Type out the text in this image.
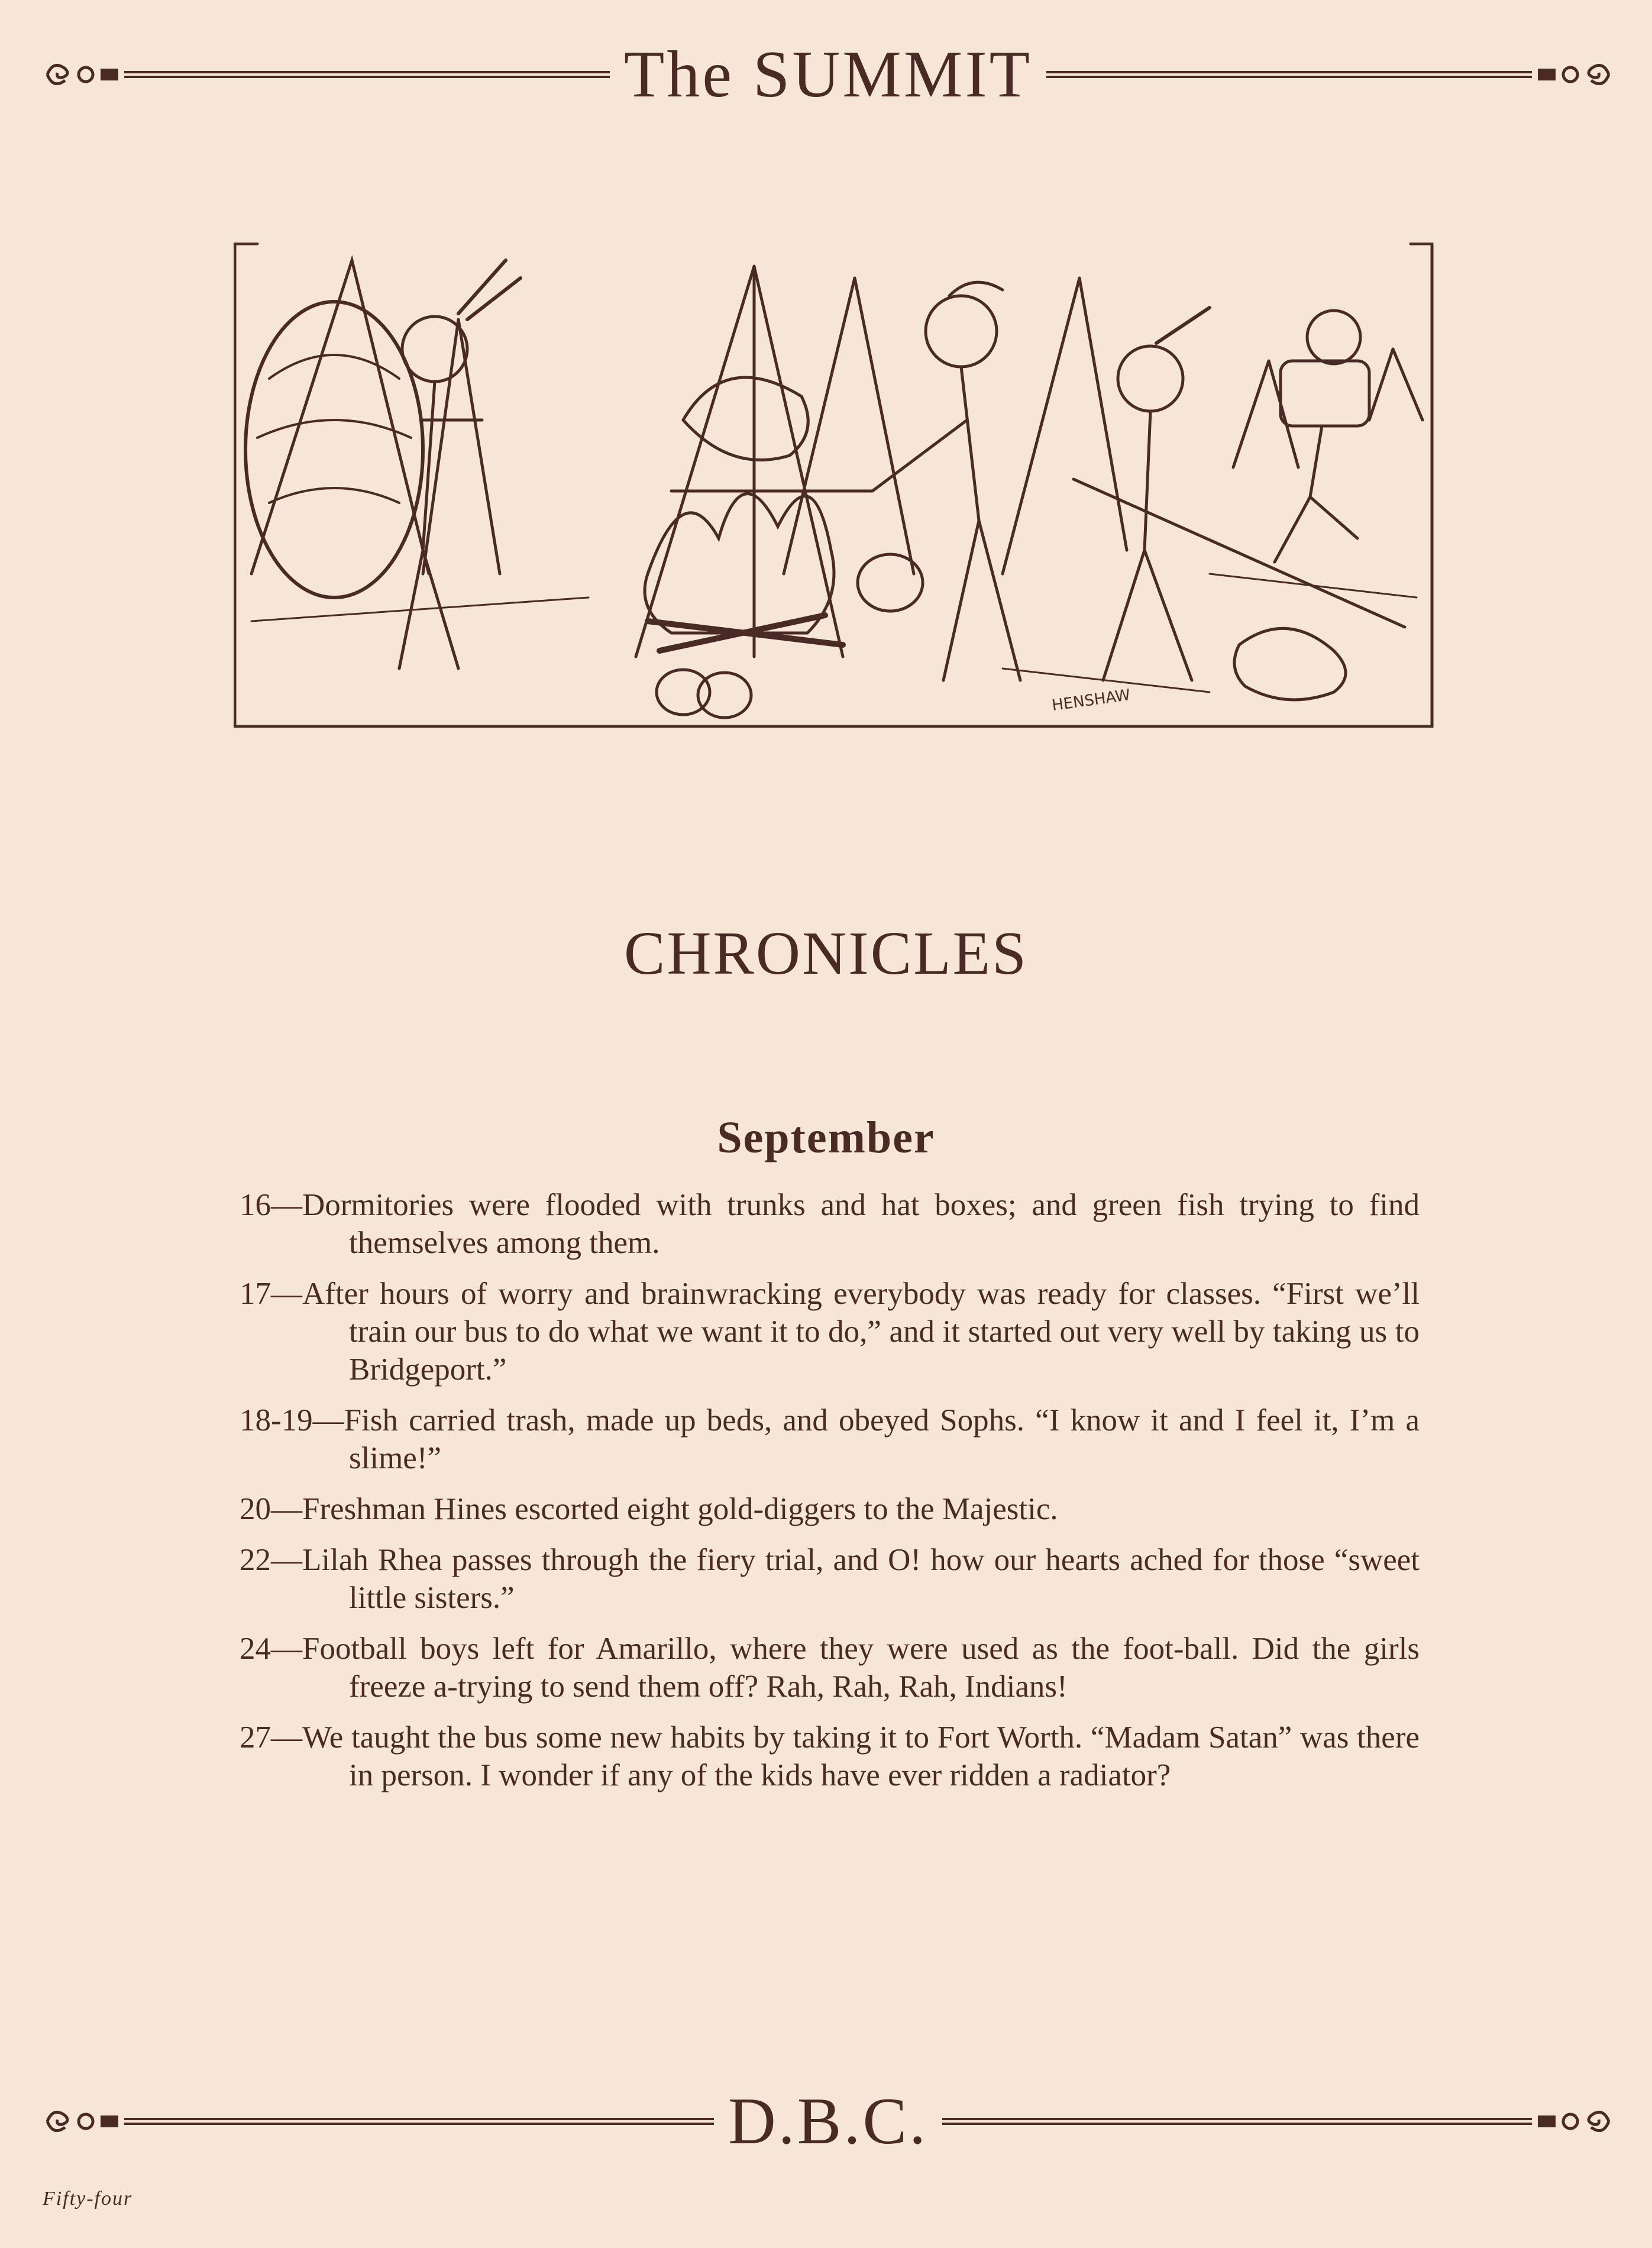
The SUMMIT
HENSHAW
CHRONICLES
September
16—Dormitories were flooded with trunks and hat boxes; and green fish trying to find themselves among them.
17—After hours of worry and brainwracking everybody was ready for classes. “First we’ll train our bus to do what we want it to do,” and it started out very well by taking us to Bridgeport.”
18-19—Fish carried trash, made up beds, and obeyed Sophs. “I know it and I feel it, I’m a slime!”
20—Freshman Hines escorted eight gold-diggers to the Majestic.
22—Lilah Rhea passes through the fiery trial, and O! how our hearts ached for those “sweet little sisters.”
24—Football boys left for Amarillo, where they were used as the foot-ball. Did the girls freeze a-trying to send them off? Rah, Rah, Rah, Indians!
27—We taught the bus some new habits by taking it to Fort Worth. “Madam Satan” was there in person. I wonder if any of the kids have ever ridden a radiator?
D.B.C.
Fifty-four
